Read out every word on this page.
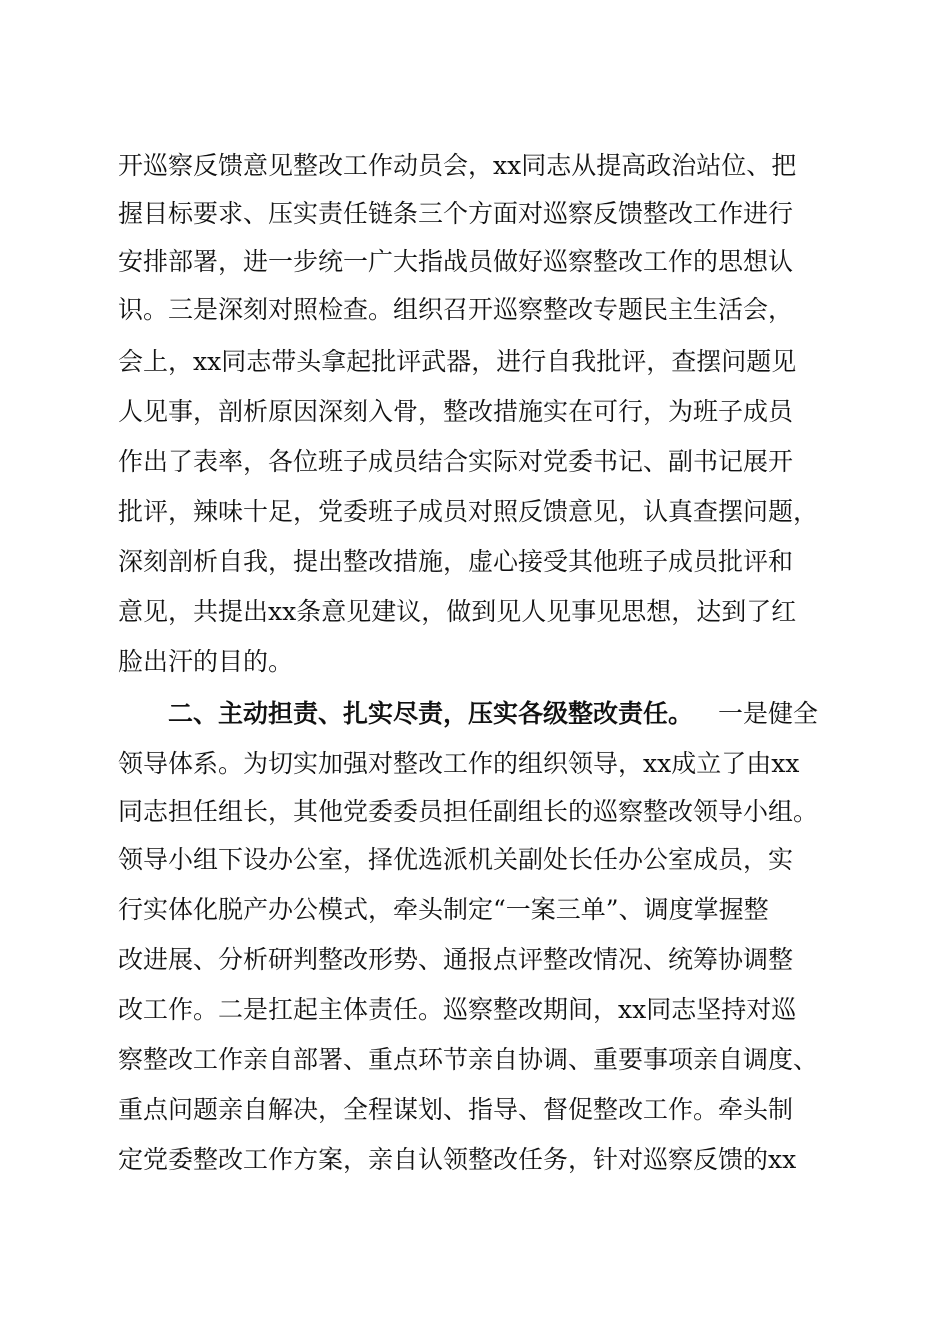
开巡察反馈意见整改工作动员会，xx同志从提高政治站位、把

握目标要求、压实责任链条三个方面对巡察反馈整改工作进行

安排部署，进一步统一广大指战员做好巡察整改工作的思想认

识。三是深刻对照检查。组织召开巡察整改专题民主生活会，

会上，xx同志带头拿起批评武器，进行自我批评，查摆问题见

人见事，剖析原因深刻入骨，整改措施实在可行，为班子成员

作出了表率，各位班子成员结合实际对党委书记、副书记展开

批评，辣味十足，党委班子成员对照反馈意见，认真查摆问题，

深刻剖析自我，提出整改措施，虚心接受其他班子成员批评和

意见，共提出xx条意见建议，做到见人见事见思想，达到了红

脸出汗的目的。

二、主动担责、扎实尽责，压实各级整改责任。

一是健全

领导体系。为切实加强对整改工作的组织领导，xx成立了由xx

同志担任组长，其他党委委员担任副组长的巡察整改领导小组。

领导小组下设办公室，择优选派机关副处长任办公室成员，实

行实体化脱产办公模式，牵头制定“一案三单”、调度掌握整

改进展、分析研判整改形势、通报点评整改情况、统筹协调整

改工作。二是扛起主体责任。巡察整改期间，xx同志坚持对巡

察整改工作亲自部署、重点环节亲自协调、重要事项亲自调度、

重点问题亲自解决，全程谋划、指导、督促整改工作。牵头制

定党委整改工作方案，亲自认领整改任务，针对巡察反馈的xx
